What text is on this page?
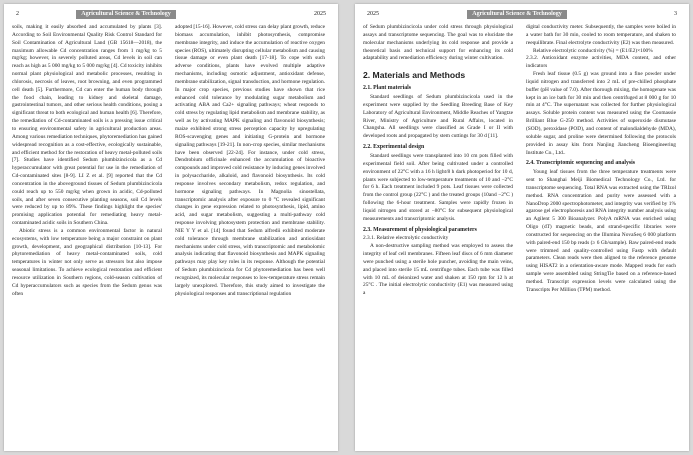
2	Agricultural Science & Technology	2025

soils, making it easily absorbed and accumulated by plants [3]. According to Soil Environmental Quality Risk Control Standard for Soil Contamination of Agricultural Land (GB 15618—2018), the maximum allowable Cd concentration ranges from 1 mg/kg to 5 mg/kg; however, in severely polluted areas, Cd levels in soil can reach as high as 5 000 mg/kg to 5 000 mg/kg [4]. Cd toxicity inhibits normal plant physiological and metabolic processes, resulting in chlorosis, necrosis of leaves, root browning, and even programmed cell death [5]. Furthermore, Cd can enter the human body through the food chain, leading to kidney and skeletal damage, gastrointestinal tumors, and other serious health conditions, posing a significant threat to both ecological and human health [6]. Therefore, the remediation of Cd-contaminated soils is a pressing issue critical to ensuring environmental safety in agricultural production areas. Among various remediation techniques, phytoremediation has gained widespread recognition as a cost-effective, ecologically sustainable, and efficient method for the restoration of heavy metal-polluted soils [7]. Studies have identified Sedum plumbizincicola as a Cd hyperaccumulator with great potential for use in the remediation of Cd-contaminated sites [8-9]. LI Z et al. [9] reported that the Cd concentration in the aboveground tissues of Sedum plumbizincicola could reach up to 550 mg/kg when grown in acidic, Cd-polluted soils, and after seven consecutive planting seasons, soil Cd levels were reduced by up to 89%. These findings highlight the species' promising application potential for remediating heavy metal-contaminated acidic soils in Southern China.

Abiotic stress is a common environmental factor in natural ecosystems, with low temperature being a major constraint on plant growth, development, and geographical distribution [10-13]. For phytoremediation of heavy metal-contaminated soils, cold temperatures in winter not only serve as stressors but also impose seasonal limitations. To achieve ecological restoration and efficient resource utilization in Southern regions, cold-season cultivation of Cd hyperaccumulators such as species from the Sedum genus was often

adopted [15-16]. However, cold stress can delay plant growth, reduce biomass accumulation, inhibit photosynthesis, compromise membrane integrity, and induce the accumulation of reactive oxygen species (ROS), ultimately disrupting cellular metabolism and causing tissue damage or even plant death [17-18]. To cope with such adverse conditions, plants have evolved multiple adaptive mechanisms, including osmotic adjustment, antioxidant defense, membrane stabilization, signal transduction, and hormone regulation. In major crop species, previous studies have shown that rice enhanced cold tolerance by modulating sugar metabolism and activating ABA and Ca2+ signaling pathways; wheat responds to cold stress by regulating lipid metabolism and membrane stability, as well as by activating MAPK signaling and flavonoid biosynthesis; maize exhibited strong stress perception capacity by upregulating ROS-scavenging genes and initiating G-protein and hormone signaling pathways [19-21]. In non-crop species, similar mechanisms have been observed [22-24]. For instance, under cold stress, Dendrobium officinale enhanced the accumulation of bioactive compounds and improved cold resistance by inducing genes involved in polysaccharide, alkaloid, and flavonoid biosynthesis. Its cold response involves secondary metabolism, redox regulation, and hormone signaling pathways. In Magnolia sinostellata, transcriptomic analysis after exposure to 0 °C revealed significant changes in gene expression related to photosynthesis, lipid, amino acid, and sugar metabolism, suggesting a multi-pathway cold response involving photosystem protection and membrane stability. NIE Y Y et al. [14] found that Sedum alfredii exhibited moderate cold tolerance through membrane stabilization and antioxidant mechanisms under cold stress, with transcriptomic and metabolomic analysis indicating that flavonoid biosynthesis and MAPK signaling pathways may play key roles in its response. Although the potential of Sedum plumbizincicola for Cd phytoremediation has been well recognized, its molecular responses to low-temperature stress remain largely unexplored. Therefore, this study aimed to investigate the physiological responses and transcriptional regulation

2025	Agricultural Science & Technology	3

of Sedum plumbizincicola under cold stress through physiological assays and transcriptome sequencing. The goal was to elucidate the molecular mechanisms underlying its cold response and provide a theoretical basis and technical support for enhancing its cold adaptability and remediation efficiency during winter cultivation.

2. Materials and Methods
2.1. Plant materials

Standard seedlings of Sedum plumbizincicola used in the experiment were supplied by the Seedling Breeding Base of Key Laboratory of Agricultural Environment, Middle Reaches of Yangtze River, Ministry of Agriculture and Rural Affairs, located in Changsha. All seedlings were classified as Grade I or II with developed roots and propagated by stem cuttings for 30 d [11].

2.2. Experimental design

Standard seedlings were transplanted into 10 cm pots filled with experimental field soil. After being cultivated under a controlled environment of 22°C with a 16 h light/8 h dark photoperiod for 10 d, plants were subjected to low-temperature treatments of 10 and −2°C for 6 h. Each treatment included 9 pots. Leaf tissues were collected from the control group (22°C ) and the treated groups (10and −2°C ) following the 6-hour treatment. Samples were rapidly frozen in liquid nitrogen and stored at −80°C for subsequent physiological measurements and transcriptomic analysis.

2.3. Measurement of physiological parameters
2.3.1. Relative electrolytic conductivity

A non-destructive sampling method was employed to assess the integrity of leaf cell membranes. Fifteen leaf discs of 6 mm diameter were punched using a sterile hole puncher, avoiding the main veins, and placed into sterile 15 mL centrifuge tubes. Each tube was filled with 10 mL of deionized water and shaken at 150 rpm for 12 h at 25°C . The initial electrolytic conductivity (E1) was measured using a

digital conductivity meter. Subsequently, the samples were boiled in a water bath for 30 min, cooled to room temperature, and shaken to reequilibrate. Final electrolyte conductivity (E2) was then measured.

Relative electrolytic conductivity (%) = (E1/E2)×100%

2.3.2. Antioxidant enzyme activities, MDA content, and other indicators

Fresh leaf tissue (0.5 g) was ground into a fine powder under liquid nitrogen and transferred into 2 mL of pre-chilled phosphate buffer (pH value of 7.0). After thorough mixing, the homogenate was kept in an ice bath for 30 min and then centrifuged at 8 000 g for 10 min at 4°C. The supernatant was collected for further physiological assays. Soluble protein content was measured using the Coomassie Brilliant Blue G-250 method. Activities of superoxide dismutase (SOD), peroxidase (POD), and content of malondialdehyde (MDA), soluble sugar, and proline were determined following the protocols provided in assay kits from Nanjing Jiancheng Bioengineering Institute Co., Ltd..

2.4. Transcriptomic sequencing and analysis

Young leaf tissues from the three temperature treatments were sent to Shanghai Meiji Biomedical Technology Co., Ltd. for transcriptome sequencing. Total RNA was extracted using the TRIzol method. RNA concentration and purity were assessed with a NanoDrop 2000 spectrophotometer, and integrity was verified by 1% agarose gel electrophoresis and RNA integrity number analysis using an Agilent 5 300 Bioanalyzer. PolyA mRNA was enriched using Oligo (dT) magnetic beads, and strand-specific libraries were constructed for sequencing on the Illumina NovaSeq 6 000 platform with paired-end 150 bp reads (≥ 6 Gb/sample). Raw paired-end reads were trimmed and quality-controlled using Fastp with default parameters. Clean reads were then aligned to the reference genome using HISAT2 in a orientation-aware mode. Mapped reads for each sample were assembled using StringTie based on a reference-based method. Transcript expression levels were calculated using the Transcripts Per Million (TPM) method.
